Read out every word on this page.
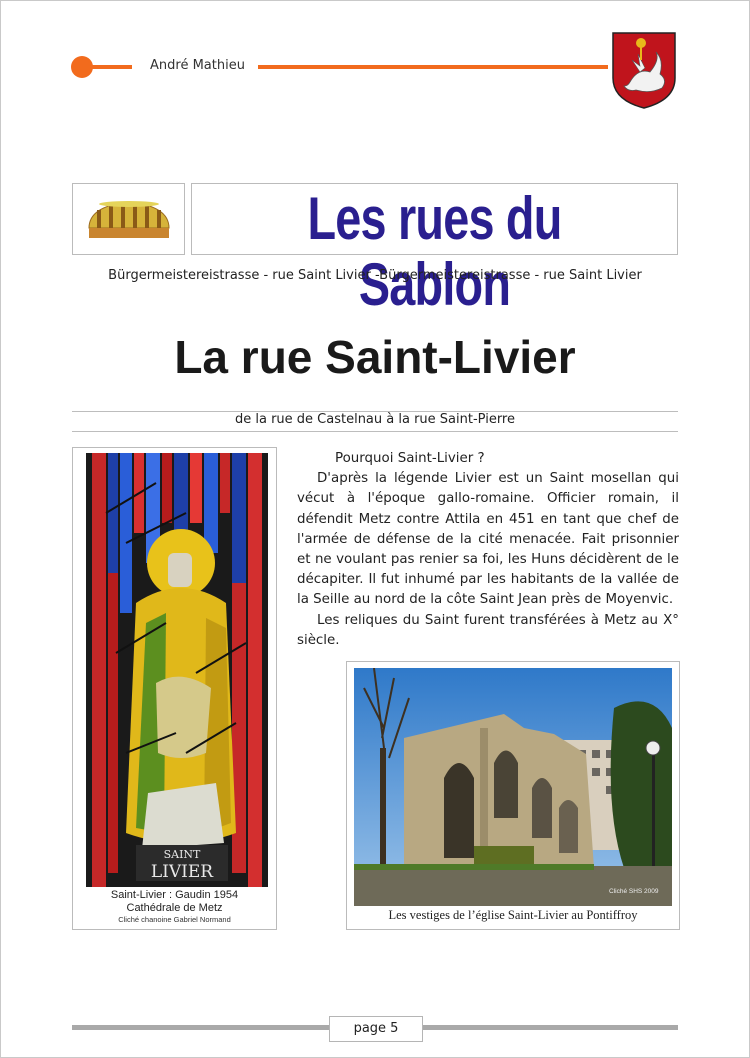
André Mathieu
Les rues du Sablon
Bürgermeistereistrasse - rue Saint Livier -Bürgermeistereistrasse - rue Saint Livier
La rue Saint-Livier
de la rue de Castelnau à la rue Saint-Pierre
SAINT
LIVIER
Saint-Livier : Gaudin 1954
Cathédrale de Metz
Cliché chanoine Gabriel Normand

Pourquoi Saint-Livier ?

D'après la légende Livier est un Saint mosellan qui vécut à l'époque gallo-romaine. Officier romain, il défendit Metz contre Attila en 451 en tant que chef de l'armée de défense de la cité menacée. Fait prisonnier et ne voulant pas renier sa foi, les Huns décidèrent de le décapiter. Il fut inhumé par les habitants de la vallée de la Seille au nord de la côte Saint Jean près de Moyenvic.

Les reliques du Saint furent transférées à Metz au X° siècle.

Cliché SHS 2009
Les vestiges de l’église Saint-Livier au Pontiffroy
page 5
